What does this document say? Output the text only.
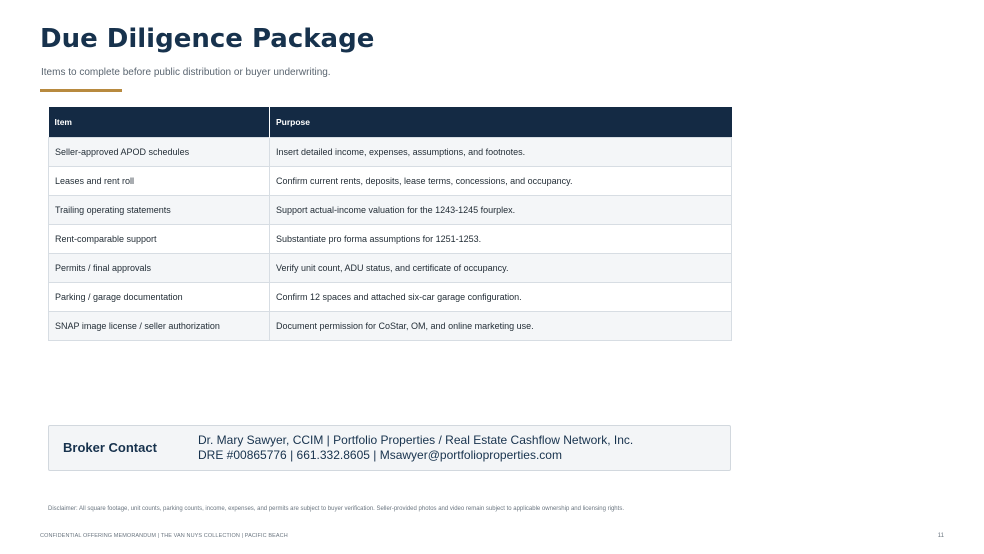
Due Diligence Package
Items to complete before public distribution or buyer underwriting.
Item	Purpose
Seller-approved APOD schedules	Insert detailed income, expenses, assumptions, and footnotes.
Leases and rent roll	Confirm current rents, deposits, lease terms, concessions, and occupancy.
Trailing operating statements	Support actual-income valuation for the 1243-1245 fourplex.
Rent-comparable support	Substantiate pro forma assumptions for 1251-1253.
Permits / final approvals	Verify unit count, ADU status, and certificate of occupancy.
Parking / garage documentation	Confirm 12 spaces and attached six-car garage configuration.
SNAP image license / seller authorization	Document permission for CoStar, OM, and online marketing use.
Broker Contact	Dr. Mary Sawyer, CCIM | Portfolio Properties / Real Estate Cashflow Network, Inc.
DRE #00865776 | 661.332.8605 | Msawyer@portfolioproperties.com
Disclaimer: All square footage, unit counts, parking counts, income, expenses, and permits are subject to buyer verification. Seller-provided photos and video remain subject to applicable ownership and licensing rights.
CONFIDENTIAL OFFERING MEMORANDUM | THE VAN NUYS COLLECTION | PACIFIC BEACH	11
